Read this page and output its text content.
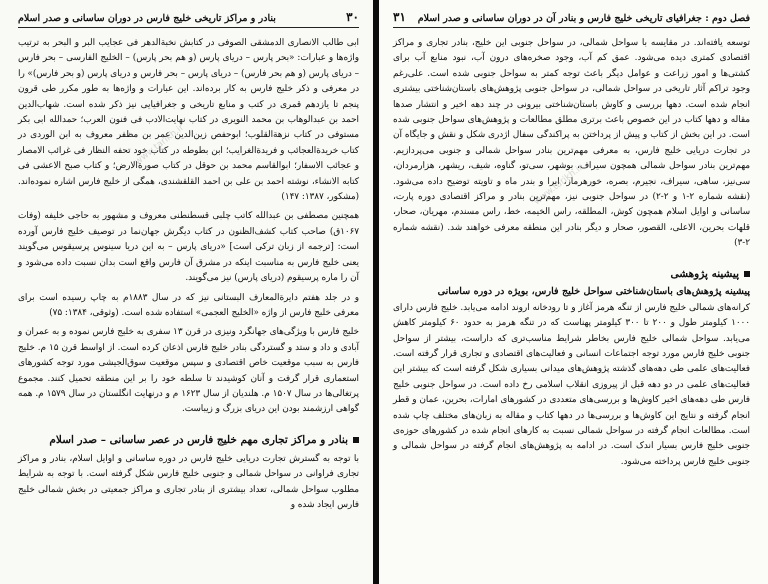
۳۰
بنادر و مراکز تاریخی خلیج فارس در دوران ساسانی و صدر اسلام

ابی طالب الانصاری الدمشقی الصوفی در کتابش نخبةالدهر فی عجایب البر و البحر به ترتیب واژه‌ها و عبارات: «بحر پارس – دریای پارس (و هم بحر پارس) – الخلیج الفارسی – بحر فارس – دریای پارس (و هم بحر فارس) – دریای پارس – بحر فارس و دریای پارس (و بحر فارس)» را در معرفی و ذکر خلیج فارس به کار برده‌اند. این عبارات و واژه‌ها به طور مکرر طی قرون پنجم تا یازدهم قمری در کتب و منابع تاریخی و جغرافیایی نیز ذکر شده است. شهاب‌الدین احمد بن عبدالوهاب بن محمد النویری در کتاب نهایت‌الادب فی فنون العرب؛ حمدالله ابی بکر مستوفی در کتاب نزهةالقلوب؛ ابوحفص زین‌الدین عمر بن مظفر معروف به ابن الوردی در کتاب خریدةالعجائب و فریدةالغرایب؛ ابن بطوطه در کتاب خود تحفه النظار فی غرائب الامصار و عجائب الاسفار؛ ابوالقاسم محمد بن حوقل در کتاب صورةالارض؛ و کتاب صبح الاعشی فی کتابه الانشاء، نوشته احمد بن علی بن احمد القلقشندی، همگی از خلیج فارس اشاره نموده‌اند. (مشکور، ۱۳۸۷: ۱۴۷)

همچنین مصطفی بن عبدالله کاتب چلبی قسطنطنی معروف و مشهور به حاجی خلیفه (وفات ۱۰۶۷ق) صاحب کتاب کشف‌الظنون در کتاب دیگرش جهان‌نما در توصیف خلیج فارس آورده است: [ترجمه از زبان ترکی است] «دریای پارس – به این دریا سینوس پرسیقوس می‌گویند یعنی خلیج فارس به مناسبت اینکه در مشرق آن فارس واقع است بدان نسبت داده می‌شود و آن را ماره پرسیقوم (دریای پارس) نیز می‌گویند.

و در جلد هفتم دایرةالمعارف البستانی نیز که در سال ۱۸۸۳م به چاپ رسیده است برای معرفی خلیج فارس از واژه «الخلیج العجمی» استفاده شده است. (وثوقی، ۱۳۸۴: ۷۵)

خلیج فارس با ویژگی‌های جهانگرد ونیزی در قرن ۱۳ سفری به خلیج فارس نموده و به عمران و آبادی و داد و ستد و گستردگی بنادر خلیج فارس اذعان کرده است. از اواسط قرن ۱۵ م. خلیج فارس به سبب موقعیت خاص اقتصادی و سپس موقعیت سوق‌الجیشی مورد توجه کشورهای استعماری قرار گرفت و آنان کوشیدند تا سلطه خود را بر این منطقه تحمیل کنند. مجموع پرتغالی‌ها در سال ۱۵۰۷ م. هلندیان از سال ۱۶۲۳ م و درنهایت انگلستان در سال ۱۵۷۹ م. همه گواهی ارزشمند بودن این دریای بزرگ و زیباست.

بنادر و مراکز تجاری مهم خلیج فارس در عصر ساسانی – صدر اسلام

با توجه به گسترش تجارت دریایی خلیج فارس در دوره ساسانی و اوایل اسلام، بنادر و مراکز تجاری فراوانی در سواحل شمالی و جنوبی خلیج فارس شکل گرفته است. با توجه به شرایط مطلوب سواحل شمالی، تعداد بیشتری از بنادر تجاری و مراکز جمعیتی در بخش شمالی خلیج فارس ایجاد شده و

www.tarikh.ir
فصل دوم : جغرافیای تاریخی خلیج فارس و بنادر آن در دوران ساسانی و صدر اسلام
۳۱

توسعه یافته‌اند. در مقایسه با سواحل شمالی، در سواحل جنوبی این خلیج، بنادر تجاری و مراکز اقتصادی کمتری دیده می‌شود. عمق کم آب، وجود صخره‌های درون آب، نبود منابع آب برای کشتی‌ها و امور زراعت و عوامل دیگر باعث توجه کمتر به سواحل جنوبی شده است. علی‌رغم وجود تراکم آثار تاریخی در سواحل شمالی، در سواحل جنوبی پژوهش‌های باستان‌شناختی بیشتری انجام شده است. دهها بررسی و کاوش باستان‌شناختی بیرونی در چند دهه اخیر و انتشار صدها مقاله و دهها کتاب در این خصوص باعث برتری مطلق مطالعات و پژوهش‌های سواحل جنوبی شده است. در این بخش از کتاب و پیش از پرداختن به پراکندگی سفال اژدری شکل و نقش و جایگاه آن در تجارت دریایی خلیج فارس، به معرفی مهم‌ترین بنادر سواحل شمالی و جنوبی می‌پردازیم. مهم‌ترین بنادر سواحل شمالی همچون سیراف، بوشهر، سی‌تو، گناوه، شیف، ریشهر، هزارمردان، سی‌نیز، ساهی، سیراف، نجیرم، بصره، خورهرماز، ایرا و بندر ماه و تاویته توضیح داده می‌شود. (نقشه شماره ۲-۱ و ۲-۲) در سواحل جنوبی نیز، مهم‌ترین بنادر و مراکز اقتصادی دوره پارت، ساسانی و اوایل اسلام همچون کوش، المطلقه، راس الخیمه، خط، راس مسندم، مهریان، صحار، قلهات بحرین، الاعلی، القصور، صحار و دیگر بنادر این منطقه معرفی خواهند شد. (نقشه شماره ۲-۳)

پیشینه پژوهشی
پیشینه پژوهش‌های باستان‌شناختی سواحل خلیج فارس، بویژه در دوره ساسانی

کرانه‌های شمالی خلیج فارس از تنگه هرمز آغاز و تا رودخانه اروند ادامه می‌یابد. خلیج فارس دارای ۱۰۰۰ کیلومتر طول و ۲۰۰ تا ۳۰۰ کیلومتر پهناست که در تنگه هرمز به حدود ۶۰ کیلومتر کاهش می‌یابد. سواحل شمالی خلیج فارس بخاطر شرایط مناسب‌تری که داراست، بیشتر از سواحل جنوبی خلیج فارس مورد توجه اجتماعات انسانی و فعالیت‌های اقتصادی و تجاری قرار گرفته است. فعالیت‌های علمی طی دهه‌های گذشته پژوهش‌های میدانی بسیاری شکل گرفته است که بیشتر این فعالیت‌های علمی در دو دهه قبل از پیروزی انقلاب اسلامی رخ داده است. در سواحل جنوبی خلیج فارس طی دهه‌های اخیر کاوش‌ها و بررسی‌های متعددی در کشورهای امارات، بحرین، عمان و قطر انجام گرفته و نتایج این کاوش‌ها و بررسی‌ها در دهها کتاب و مقاله به زبان‌های مختلف چاپ شده است. مطالعات انجام گرفته در سواحل شمالی نسبت به کارهای انجام شده در کشورهای حوزه‌ی جنوبی خلیج فارس بسیار اندک است. در ادامه به پژوهش‌های انجام گرفته در سواحل شمالی و جنوبی خلیج فارس پرداخته می‌شود.

www.tarikh.ir
